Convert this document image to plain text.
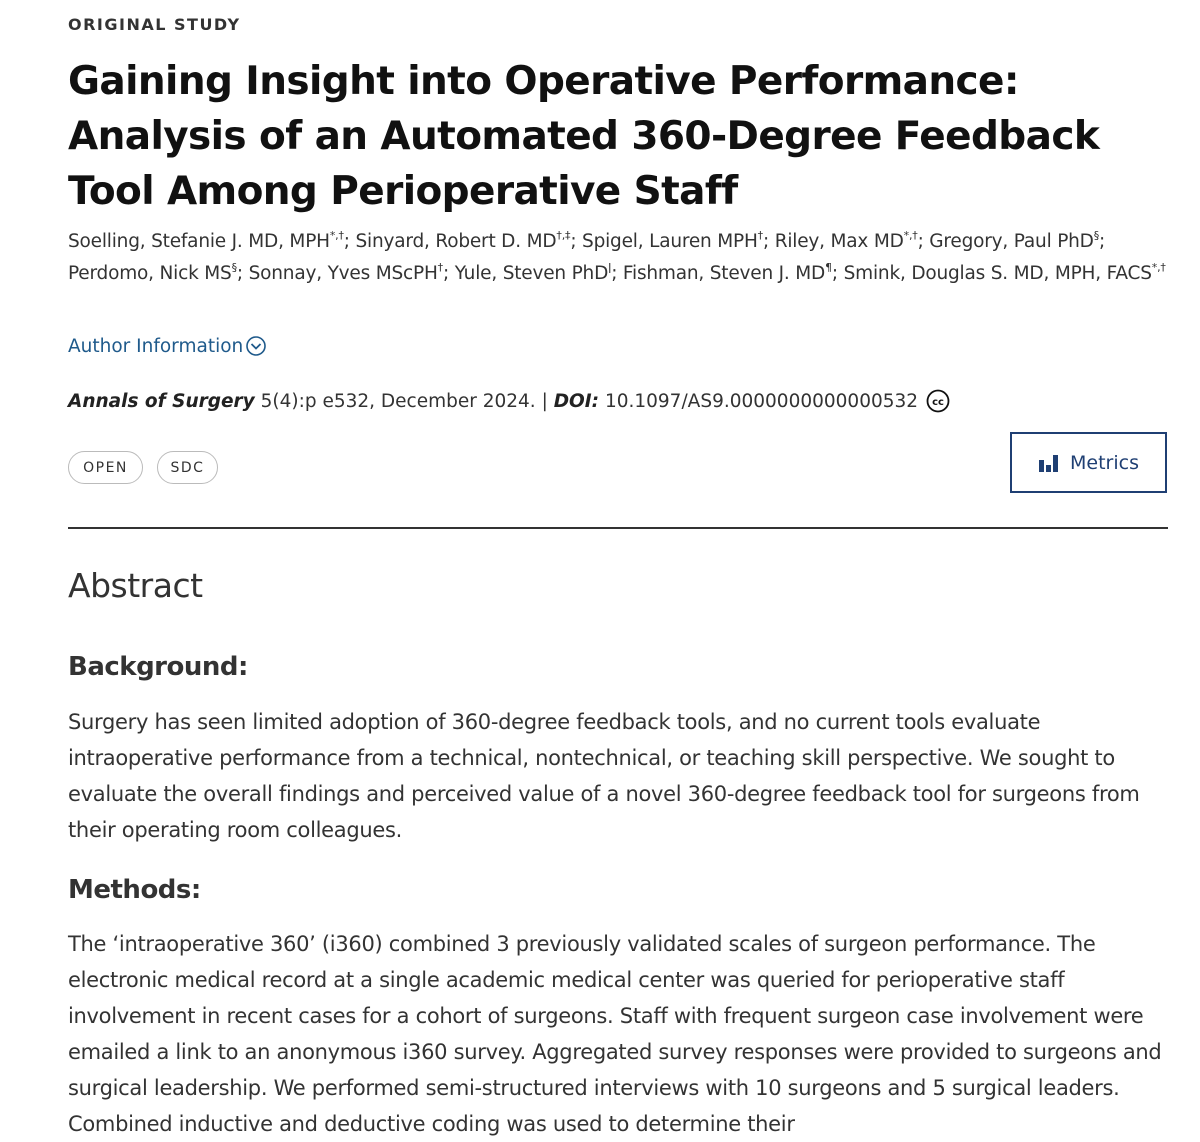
ORIGINAL STUDY
Gaining Insight into Operative Performance: Analysis of an Automated 360-Degree Feedback Tool Among Perioperative Staff
Soelling, Stefanie J. MD, MPH*,†; Sinyard, Robert D. MD†,‡; Spigel, Lauren MPH†; Riley, Max MD*,†; Gregory, Paul PhD§; Perdomo, Nick MS§; Sonnay, Yves MScPH†; Yule, Steven PhD$^ǀ$; Fishman, Steven J. MD¶; Smink, Douglas S. MD, MPH, FACS*,†
Author Information
Annals of Surgery 5(4):p e532, December 2024. | DOI: 10.1097/AS9.0000000000000532 cc
OPEN	SDC	Metrics
Abstract
Background:

Surgery has seen limited adoption of 360-degree feedback tools, and no current tools evaluate intraoperative performance from a technical, nontechnical, or teaching skill perspective. We sought to evaluate the overall findings and perceived value of a novel 360-degree feedback tool for surgeons from their operating room colleagues.

Methods:

The ‘intraoperative 360’ (i360) combined 3 previously validated scales of surgeon performance. The electronic medical record at a single academic medical center was queried for perioperative staff involvement in recent cases for a cohort of surgeons. Staff with frequent surgeon case involvement were emailed a link to an anonymous i360 survey. Aggregated survey responses were provided to surgeons and surgical leadership. We performed semi-structured interviews with 10 surgeons and 5 surgical leaders. Combined inductive and deductive coding was used to determine their
